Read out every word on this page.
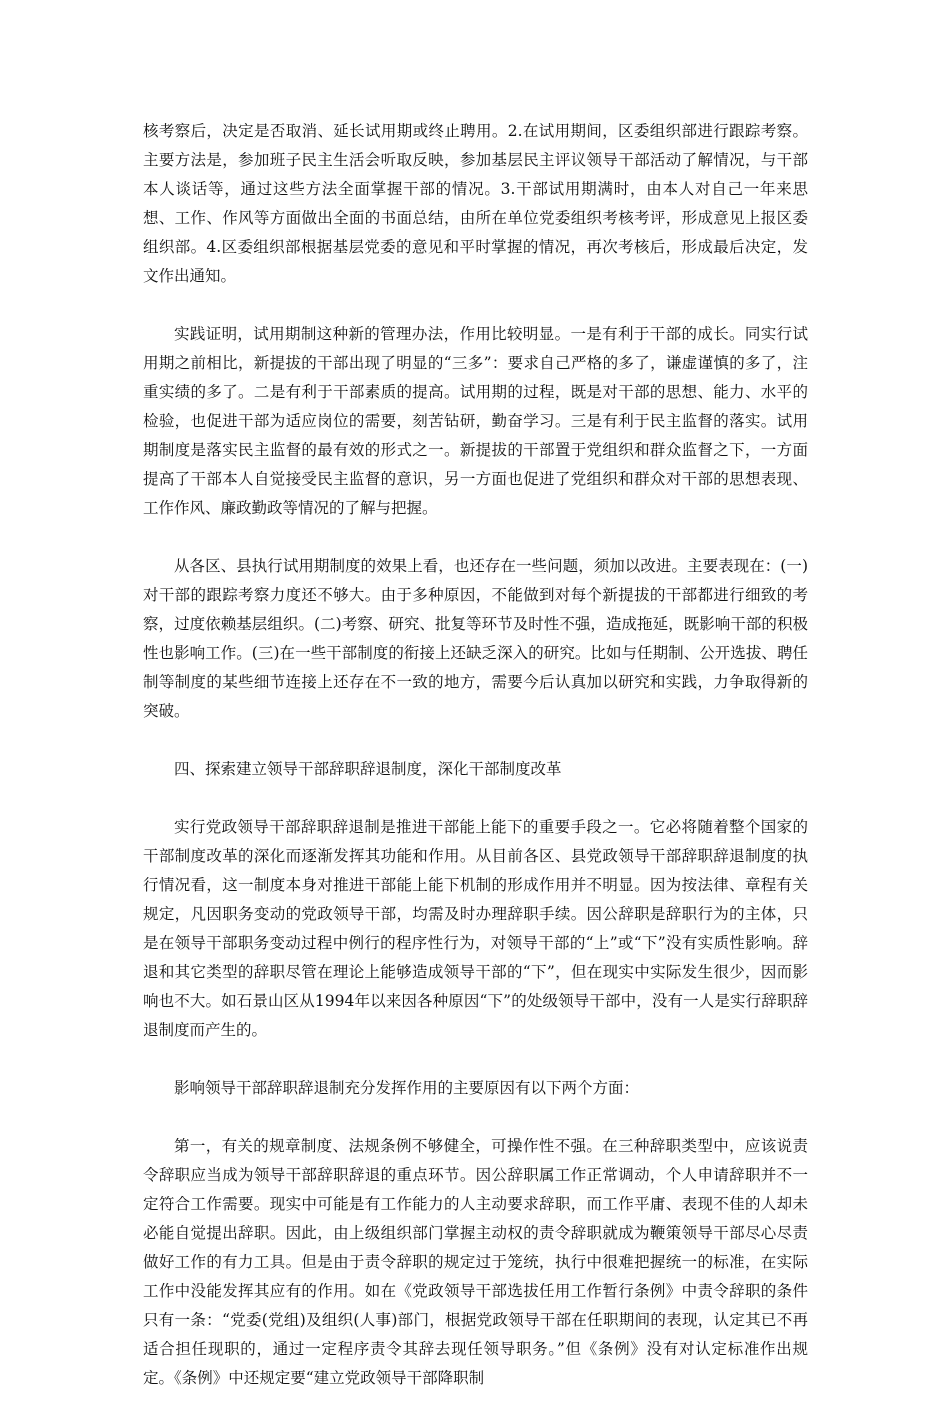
核考察后，决定是否取消、延长试用期或终止聘用。2.在试用期间，区委组织部进行跟踪考察。主要方法是，参加班子民主生活会听取反映，参加基层民主评议领导干部活动了解情况，与干部本人谈话等，通过这些方法全面掌握干部的情况。3.干部试用期满时，由本人对自己一年来思想、工作、作风等方面做出全面的书面总结，由所在单位党委组织考核考评，形成意见上报区委组织部。4.区委组织部根据基层党委的意见和平时掌握的情况，再次考核后，形成最后决定，发文作出通知。

实践证明，试用期制这种新的管理办法，作用比较明显。一是有利于干部的成长。同实行试用期之前相比，新提拔的干部出现了明显的“三多”：要求自己严格的多了，谦虚谨慎的多了，注重实绩的多了。二是有利于干部素质的提高。试用期的过程，既是对干部的思想、能力、水平的检验，也促进干部为适应岗位的需要，刻苦钻研，勤奋学习。三是有利于民主监督的落实。试用期制度是落实民主监督的最有效的形式之一。新提拔的干部置于党组织和群众监督之下，一方面提高了干部本人自觉接受民主监督的意识，另一方面也促进了党组织和群众对干部的思想表现、工作作风、廉政勤政等情况的了解与把握。

从各区、县执行试用期制度的效果上看，也还存在一些问题，须加以改进。主要表现在：(一)对干部的跟踪考察力度还不够大。由于多种原因，不能做到对每个新提拔的干部都进行细致的考察，过度依赖基层组织。(二)考察、研究、批复等环节及时性不强，造成拖延，既影响干部的积极性也影响工作。(三)在一些干部制度的衔接上还缺乏深入的研究。比如与任期制、公开选拔、聘任制等制度的某些细节连接上还存在不一致的地方，需要今后认真加以研究和实践，力争取得新的突破。

四、探索建立领导干部辞职辞退制度，深化干部制度改革

实行党政领导干部辞职辞退制是推进干部能上能下的重要手段之一。它必将随着整个国家的干部制度改革的深化而逐渐发挥其功能和作用。从目前各区、县党政领导干部辞职辞退制度的执行情况看，这一制度本身对推进干部能上能下机制的形成作用并不明显。因为按法律、章程有关规定，凡因职务变动的党政领导干部，均需及时办理辞职手续。因公辞职是辞职行为的主体，只是在领导干部职务变动过程中例行的程序性行为，对领导干部的“上”或“下”没有实质性影响。辞退和其它类型的辞职尽管在理论上能够造成领导干部的“下”，但在现实中实际发生很少，因而影响也不大。如石景山区从1994年以来因各种原因“下”的处级领导干部中，没有一人是实行辞职辞退制度而产生的。

影响领导干部辞职辞退制充分发挥作用的主要原因有以下两个方面：

第一，有关的规章制度、法规条例不够健全，可操作性不强。在三种辞职类型中，应该说责令辞职应当成为领导干部辞职辞退的重点环节。因公辞职属工作正常调动，个人申请辞职并不一定符合工作需要。现实中可能是有工作能力的人主动要求辞职，而工作平庸、表现不佳的人却未必能自觉提出辞职。因此，由上级组织部门掌握主动权的责令辞职就成为鞭策领导干部尽心尽责做好工作的有力工具。但是由于责令辞职的规定过于笼统，执行中很难把握统一的标准，在实际工作中没能发挥其应有的作用。如在《党政领导干部选拔任用工作暂行条例》中责令辞职的条件只有一条：“党委(党组)及组织(人事)部门，根据党政领导干部在任职期间的表现，认定其已不再适合担任现职的，通过一定程序责令其辞去现任领导职务。”但《条例》没有对认定标准作出规定。《条例》中还规定要“建立党政领导干部降职制
